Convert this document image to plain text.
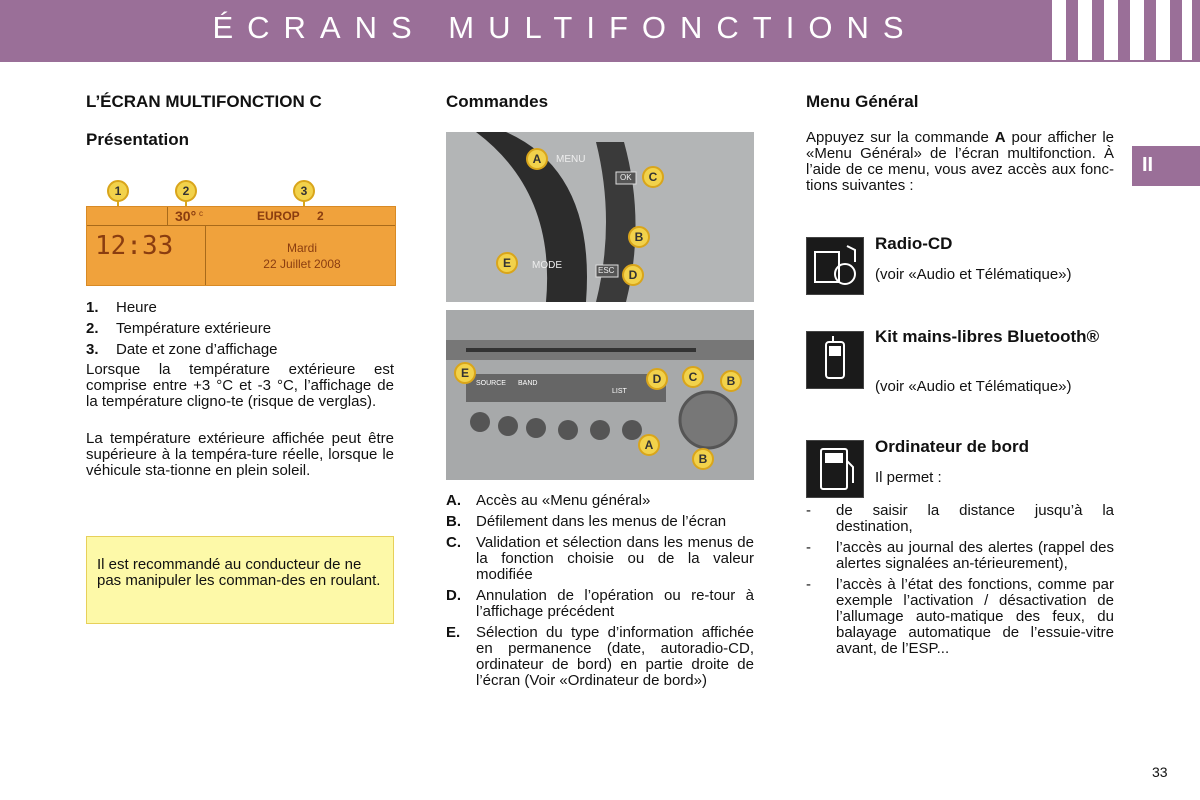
ÉCRANS MULTIFONCTIONS
II
L’ÉCRAN MULTIFONCTION C
Présentation
1	2	3
30° c	EUROP 2
12:33	Mardi
22 Juillet 2008
1. Heure
2. Température extérieure
3. Date et zone d’affichage
Lorsque la température extérieure est comprise entre +3 °C et -3 °C, l’affichage de la température cligno-te (risque de verglas).
La température extérieure affichée peut être supérieure à la tempéra-ture réelle, lorsque le véhicule sta-tionne en plein soleil.

Il est recommandé au conducteur de ne pas manipuler les comman-des en roulant.

Commandes
MENU
MODE
OK
ESC
A
C
B
E
D
SOURCE BAND
LIST
E	D	C	B
A
B
A. Accès au «Menu général»
B. Défilement dans les menus de l’écran
C. Validation et sélection dans les menus de la fonction choisie ou de la valeur modifiée
D. Annulation de l’opération ou re-tour à l’affichage précédent
E. Sélection du type d’information affichée en permanence (date, autoradio-CD, ordinateur de bord) en partie droite de l’écran (Voir «Ordinateur de bord»)
Menu Général
Appuyez sur la commande A pour afficher le «Menu Général» de l’écran multifonction. À l’aide de ce menu, vous avez accès aux fonc-tions suivantes :
Radio-CD
(voir «Audio et Télématique»)
Kit mains-libres Bluetooth®
(voir «Audio et Télématique»)
Ordinateur de bord
Il permet :
- de saisir la distance jusqu’à la destination,
- l’accès au journal des alertes (rappel des alertes signalées an-térieurement),
- l’accès à l’état des fonctions, comme par exemple l’activation / désactivation de l’allumage auto-matique des feux, du balayage automatique de l’essuie-vitre avant, de l’ESP...
33
